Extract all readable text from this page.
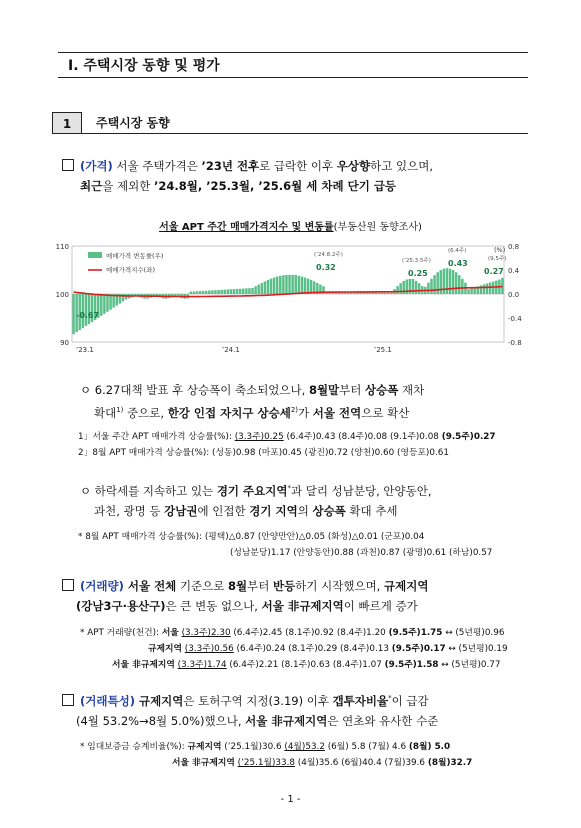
Ⅰ. 주택시장 동향 및 평가
1	주택시장 동향
(가격) 서울 주택가격은 ’23년 전후로 급락한 이후 우상향하고 있으며,
최근을 제외한 ’24.8월, ’25.3월, ’25.6월 세 차례 단기 급등
서울 APT 주간 매매가격지수 및 변동률(부동산원 동향조사)
110
100
90
0.8
0.4
0.0
-0.4
-0.8
’23.1	’24.1	’25.1
(%)
매매가격 변동률(우)
매매가격지수(좌)
-0.67
(’24.8.2주)
0.32
(’25.3.5주)
0.25
(6.4주)
0.43	(9.5주)
0.27
ㅇ 6.27대책 발표 후 상승폭이 축소되었으나, 8월말부터 상승폭 재차
확대$^{1)}$ 중으로, 한강 인접 자치구 상승세$^{2)}$가 서울 전역으로 확산
1」서울 주간 APT 매매가격 상승률(%): (3.3주)0.25 (6.4주)0.43 (8.4주)0.08 (9.1주)0.08 (9.5주)0.27
2」8월 APT 매매가격 상승률(%): (성동)0.98 (마포)0.45 (광진)0.72 (양천)0.60 (영등포)0.61
ㅇ 하락세를 지속하고 있는 경기 주요지역*과 달리 성남분당, 안양동안,
과천, 광명 등 강남권에 인접한 경기 지역의 상승폭 확대 추세
* 8월 APT 매매가격 상승률(%): (평택)△0.87 (안양만안)△0.05 (화성)△0.01 (군포)0.04
(성남분당)1.17 (안양동안)0.88 (과천)0.87 (광명)0.61 (하남)0.57
(거래량) 서울 전체 기준으로 8월부터 반등하기 시작했으며, 규제지역
(강남3구·용산구)은 큰 변동 없으나, 서울 非규제지역이 빠르게 증가
* APT 거래량(천건): 서울 (3.3주)2.30 (6.4주)2.45 (8.1주)0.92 (8.4주)1.20 (9.5주)1.75 ↔ (5년평)0.96
규제지역 (3.3주)0.56 (6.4주)0.24 (8.1주)0.29 (8.4주)0.13 (9.5주)0.17 ↔ (5년평)0.19
서울 非규제지역 (3.3주)1.74 (6.4주)2.21 (8.1주)0.63 (8.4주)1.07 (9.5주)1.58 ↔ (5년평)0.77
(거래특성) 규제지역은 토허구역 지정(3.19) 이후 갭투자비율*이 급감
(4월 53.2%→8월 5.0%)했으나, 서울 非규제지역은 연초와 유사한 수준
* 임대보증금 승계비율(%): 규제지역 (’25.1월)30.6 (4월)53.2 (6월) 5.8 (7월) 4.6 (8월) 5.0
서울 非규제지역 (’25.1월)33.8 (4월)35.6 (6월)40.4 (7월)39.6 (8월)32.7
- 1 -
